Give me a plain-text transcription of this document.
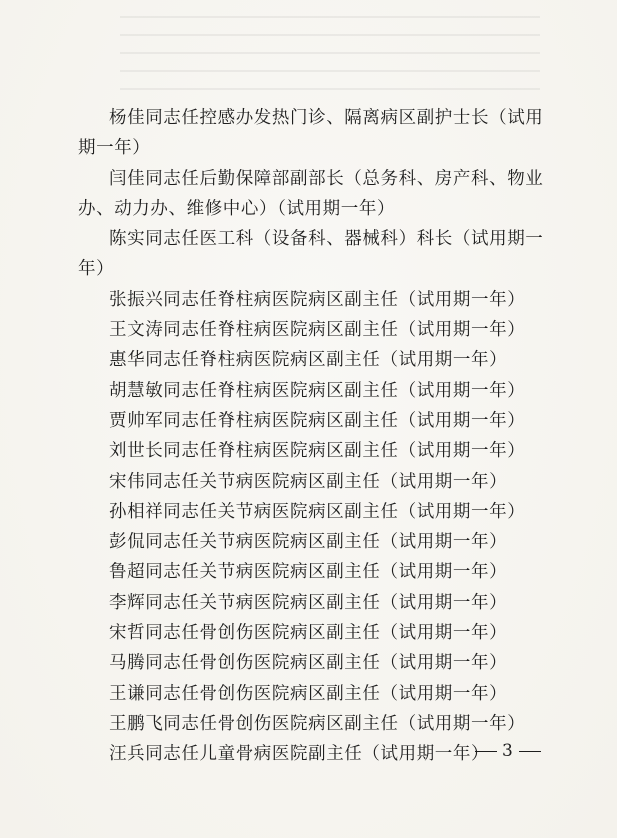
杨佳同志任控感办发热门诊、隔离病区副护士长（试用期一年）

闫佳同志任后勤保障部副部长（总务科、房产科、物业办、动力办、维修中心）（试用期一年）

陈实同志任医工科（设备科、器械科）科长（试用期一年）

张振兴同志任脊柱病医院病区副主任（试用期一年）

王文涛同志任脊柱病医院病区副主任（试用期一年）

惠华同志任脊柱病医院病区副主任（试用期一年）

胡慧敏同志任脊柱病医院病区副主任（试用期一年）

贾帅军同志任脊柱病医院病区副主任（试用期一年）

刘世长同志任脊柱病医院病区副主任（试用期一年）

宋伟同志任关节病医院病区副主任（试用期一年）

孙相祥同志任关节病医院病区副主任（试用期一年）

彭侃同志任关节病医院病区副主任（试用期一年）

鲁超同志任关节病医院病区副主任（试用期一年）

李辉同志任关节病医院病区副主任（试用期一年）

宋哲同志任骨创伤医院病区副主任（试用期一年）

马腾同志任骨创伤医院病区副主任（试用期一年）

王谦同志任骨创伤医院病区副主任（试用期一年）

王鹏飞同志任骨创伤医院病区副主任（试用期一年）

汪兵同志任儿童骨病医院副主任（试用期一年） 3
